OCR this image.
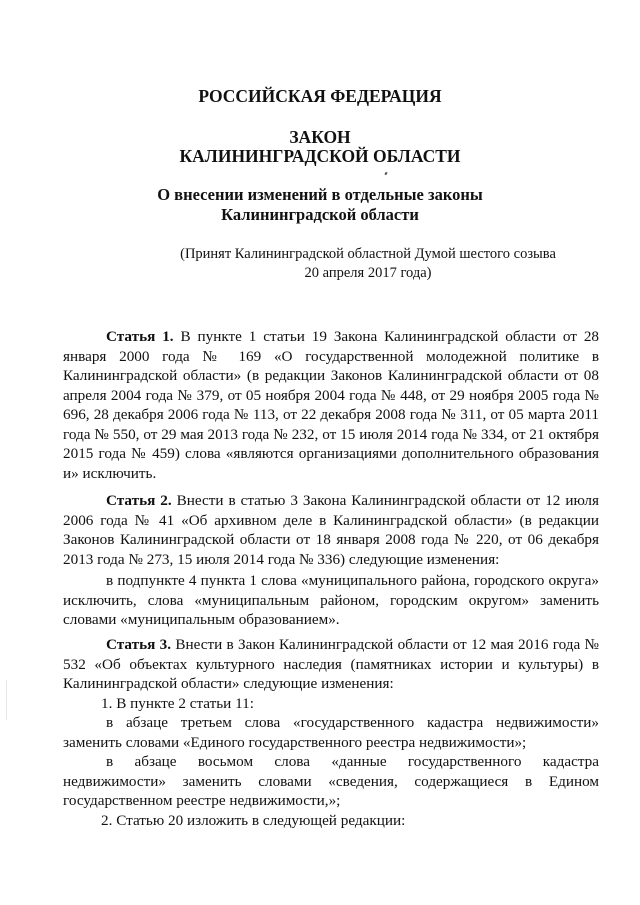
РОССИЙСКАЯ ФЕДЕРАЦИЯ
ЗАКОН
КАЛИНИНГРАДСКОЙ ОБЛАСТИ
О внесении изменений в отдельные законы
Калининградской области
(Принят Калининградской областной Думой шестого созыва
20 апреля 2017 года)

Статья 1. В пункте 1 статьи 19 Закона Калининградской области от 28 января 2000 года № 169 «О государственной молодежной политике в Калининградской области» (в редакции Законов Калининградской области от 08 апреля 2004 года № 379, от 05 ноября 2004 года № 448, от 29 ноября 2005 года № 696, 28 декабря 2006 года № 113, от 22 декабря 2008 года № 311, от 05 марта 2011 года № 550, от 29 мая 2013 года № 232, от 15 июля 2014 года № 334, от 21 октября 2015 года № 459) слова «являются организациями дополнительного образования и» исключить.

Статья 2. Внести в статью 3 Закона Калининградской области от 12 июля 2006 года № 41 «Об архивном деле в Калининградской области» (в редакции Законов Калининградской области от 18 января 2008 года № 220, от 06 декабря 2013 года № 273, 15 июля 2014 года № 336) следующие изменения:

в подпункте 4 пункта 1 слова «муниципального района, городского округа» исключить, слова «муниципальным районом, городским округом» заменить словами «муниципальным образованием».

Статья 3. Внести в Закон Калининградской области от 12 мая 2016 года № 532 «Об объектах культурного наследия (памятниках истории и культуры) в Калининградской области» следующие изменения:

1. В пункте 2 статьи 11:

в абзаце третьем слова «государственного кадастра недвижимости» заменить словами «Единого государственного реестра недвижимости»;

в абзаце восьмом слова «данные государственного кадастра недвижимости» заменить словами «сведения, содержащиеся в Едином государственном реестре недвижимости,»;

2. Статью 20 изложить в следующей редакции:
